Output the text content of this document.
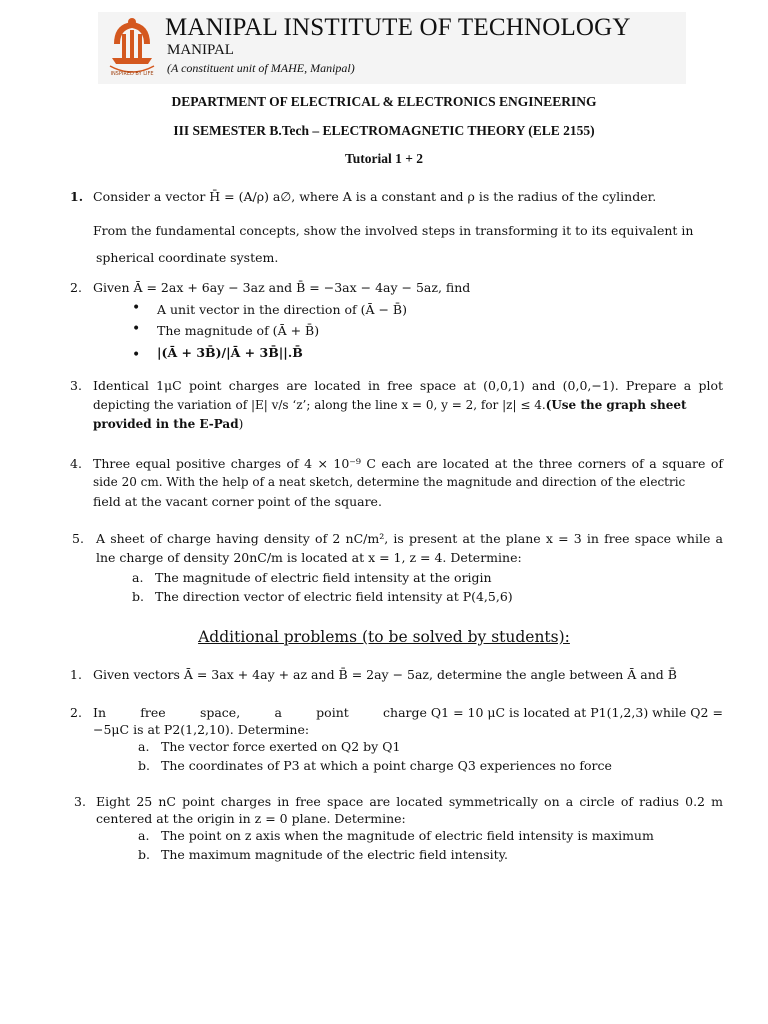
INSPIRED BY LIFE
MANIPAL INSTITUTE OF TECHNOLOGY
MANIPAL
(A constituent unit of MAHE, Manipal)
DEPARTMENT OF ELECTRICAL & ELECTRONICS ENGINEERING
III SEMESTER B.Tech – ELECTROMAGNETIC THEORY (ELE 2155)
Tutorial 1 + 2
1. Consider a vector H̄ = (A/ρ) a∅, where A is a constant and ρ is the radius of the cylinder.
From the fundamental concepts, show the involved steps in transforming it to its equivalent in
spherical coordinate system.
2. Given Ā = 2ax + 6ay − 3az and B̄ = −3ax − 4ay − 5az, find
• A unit vector in the direction of (Ā − B̄)
• The magnitude of (Ā + B̄)
• |(Ā + 3B̄)/|Ā + 3B̄||.B̄
3. Identical 1μC point charges are located in free space at (0,0,1) and (0,0,−1). Prepare a plot
depicting the variation of |E| v/s ‘z’; along the line x = 0, y = 2, for |z| ≤ 4.(Use the graph sheet
provided in the E-Pad)
4. Three equal positive charges of 4 × 10⁻⁹ C each are located at the three corners of a square of
side 20 cm. With the help of a neat sketch, determine the magnitude and direction of the electric
field at the vacant corner point of the square.
5. A sheet of charge having density of 2 nC/m², is present at the plane x = 3 in free space while a
lne charge of density 20nC/m is located at x = 1, z = 4. Determine:
a. The magnitude of electric field intensity at the origin
b. The direction vector of electric field intensity at P(4,5,6)
Additional problems (to be solved by students):
1. Given vectors Ā = 3ax + 4ay + az and B̄ = 2ay − 5az, determine the angle between Ā and B̄
2. In	free	space,	a	point	charge Q1 = 10 μC is located at P1(1,2,3) while Q2 =
−5μC is at P2(1,2,10). Determine:
a. The vector force exerted on Q2 by Q1
b. The coordinates of P3 at which a point charge Q3 experiences no force
3. Eight 25 nC point charges in free space are located symmetrically on a circle of radius 0.2 m
centered at the origin in z = 0 plane. Determine:
a. The point on z axis when the magnitude of electric field intensity is maximum
b. The maximum magnitude of the electric field intensity.
